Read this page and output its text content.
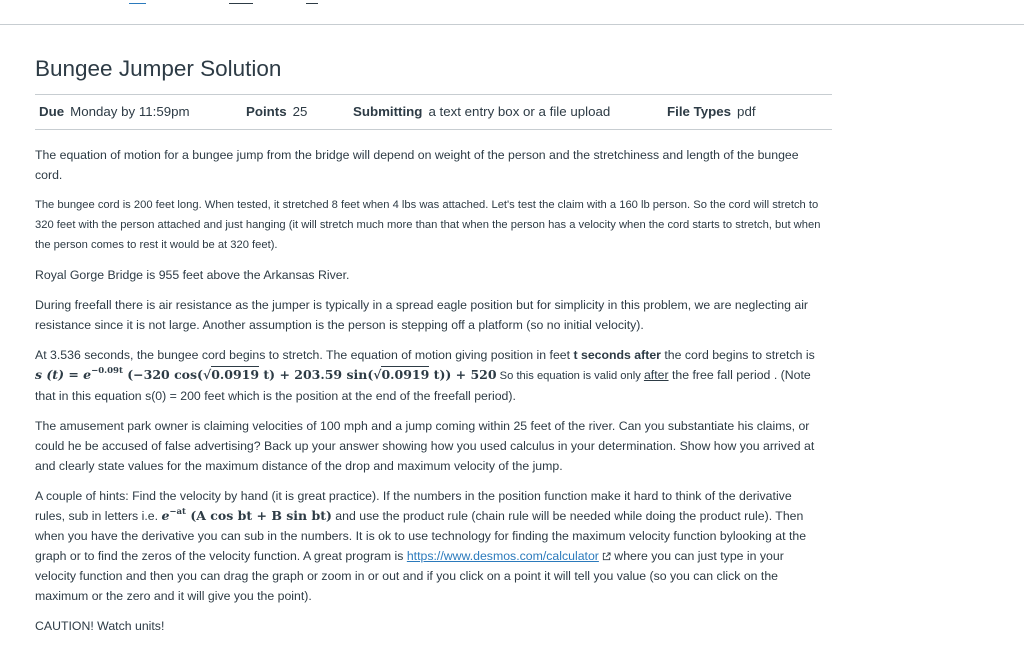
Bungee Jumper Solution
Due Monday by 11:59pm	Points 25	Submitting a text entry box or a file upload	File Types pdf

The equation of motion for a bungee jump from the bridge will depend on weight of the person and the stretchiness and length of the bungee cord.

The bungee cord is 200 feet long. When tested, it stretched 8 feet when 4 lbs was attached. Let's test the claim with a 160 lb person. So the cord will stretch to 320 feet with the person attached and just hanging (it will stretch much more than that when the person has a velocity when the cord starts to stretch, but when the person comes to rest it would be at 320 feet).

Royal Gorge Bridge is 955 feet above the Arkansas River.

During freefall there is air resistance as the jumper is typically in a spread eagle position but for simplicity in this problem, we are neglecting air resistance since it is not large. Another assumption is the person is stepping off a platform (so no initial velocity).

At 3.536 seconds, the bungee cord begins to stretch. The equation of motion giving position in feet t seconds after the cord begins to stretch is s $(t) = e^{-0.09t}$ (−320 cos(√0.0919 t) + 203.59 sin(√0.0919 t)) + 520 So this equation is valid only after the free fall period . (Note that in this equation s(0) = 200 feet which is the position at the end of the freefall period).

The amusement park owner is claiming velocities of 100 mph and a jump coming within 25 feet of the river. Can you substantiate his claims, or could he be accused of false advertising? Back up your answer showing how you used calculus in your determination. Show how you arrived at and clearly state values for the maximum distance of the drop and maximum velocity of the jump.

A couple of hints: Find the velocity by hand (it is great practice). If the numbers in the position function make it hard to think of the derivative rules, sub in letters i.e. $e^{-at}$ (A cos bt + B sin bt) and use the product rule (chain rule will be needed while doing the product rule). Then when you have the derivative you can sub in the numbers. It is ok to use technology for finding the maximum velocity function bylooking at the graph or to find the zeros of the velocity function. A great program is https://www.desmos.com/calculator where you can just type in your velocity function and then you can drag the graph or zoom in or out and if you click on a point it will tell you value (so you can click on the maximum or the zero and it will give you the point).

CAUTION! Watch units!
